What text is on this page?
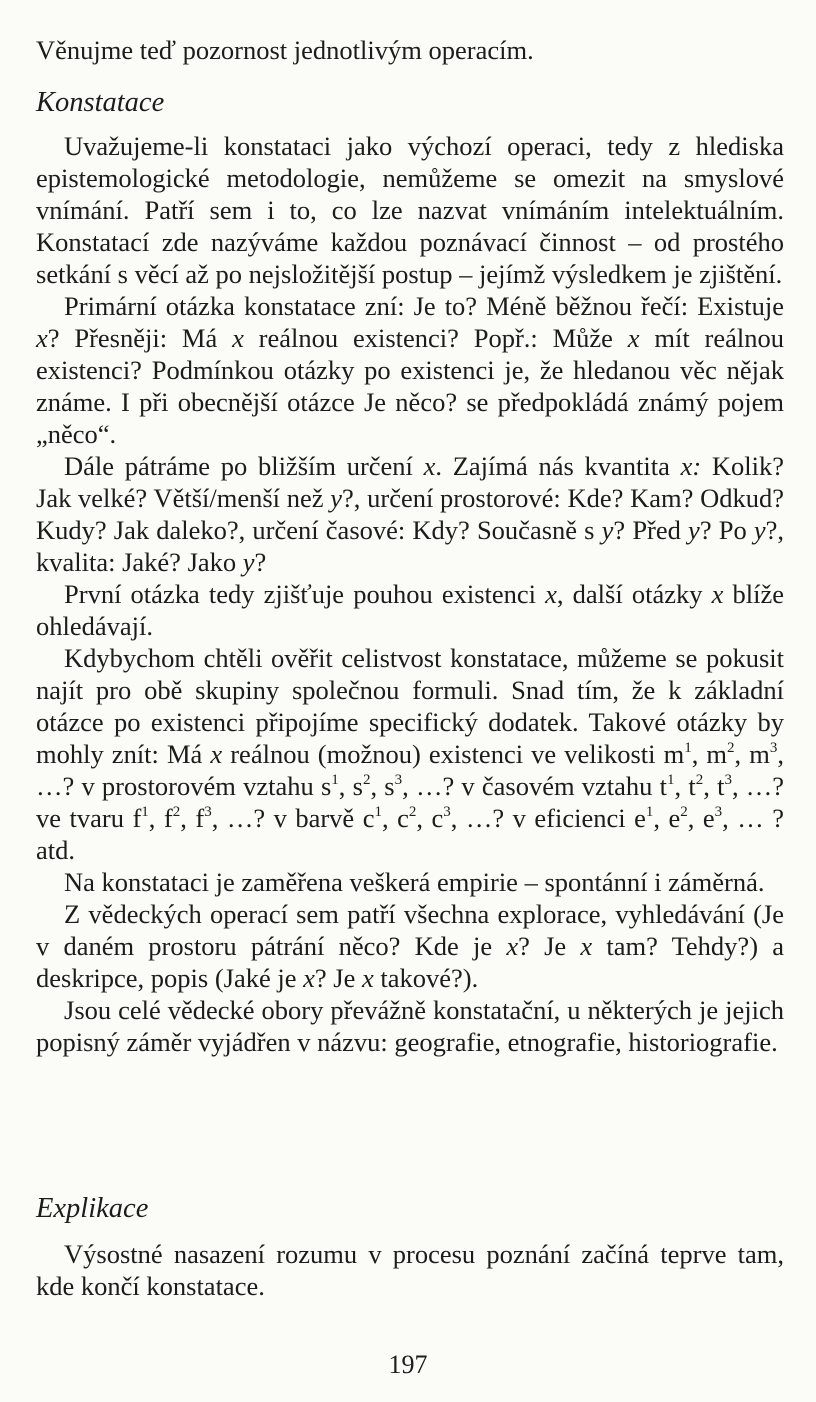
Věnujme teď pozornost jednotlivým operacím.

Konstatace

Uvažujeme-li konstataci jako výchozí operaci, tedy z hlediska epistemologické metodologie, nemůžeme se omezit na smyslové vnímání. Patří sem i to, co lze nazvat vnímáním intelektuálním. Konstatací zde nazýváme každou poznávací činnost – od prostého setkání s věcí až po nejsložitější postup – jejímž výsledkem je zjištění.

Primární otázka konstatace zní: Je to? Méně běžnou řečí: Existuje x? Přesněji: Má x reálnou existenci? Popř.: Může x mít reálnou existenci? Podmínkou otázky po existenci je, že hledanou věc nějak známe. I při obecnější otázce Je něco? se předpokládá známý pojem „něco“.

Dále pátráme po bližším určení x. Zajímá nás kvantita x: Kolik? Jak velké? Větší/menší než y?, určení prostorové: Kde? Kam? Odkud? Kudy? Jak daleko?, určení časové: Kdy? Současně s y? Před y? Po y?, kvalita: Jaké? Jako y?

První otázka tedy zjišťuje pouhou existenci x, další otázky x blíže ohledávají.

Kdybychom chtěli ověřit celistvost konstatace, můžeme se pokusit najít pro obě skupiny společnou formuli. Snad tím, že k základní otázce po existenci připojíme specifický dodatek. Takové otázky by mohly znít: Má x reálnou (možnou) existenci ve velikosti $m^1$, $m^2$, $m^3$, …? v prostorovém vztahu $s^1$, $s^2$, $s^3$, …? v časovém vztahu $t^1$, $t^2$, $t^3$, …? ve tvaru $f^1$, $f^2$, $f^3$, …? v barvě $c^1$, $c^2$, $c^3$, …? v eficienci $e^1$, $e^2$, $e^3$, … ? atd.

Na konstataci je zaměřena veškerá empirie – spontánní i záměrná.

Z vědeckých operací sem patří všechna explorace, vyhledávání (Je v daném prostoru pátrání něco? Kde je x? Je x tam? Tehdy?) a deskripce, popis (Jaké je x? Je x takové?).

Jsou celé vědecké obory převážně konstatační, u některých je jejich popisný záměr vyjádřen v názvu: geografie, etnografie, historiografie.

Explikace

Výsostné nasazení rozumu v procesu poznání začíná teprve tam, kde končí konstatace.

197
